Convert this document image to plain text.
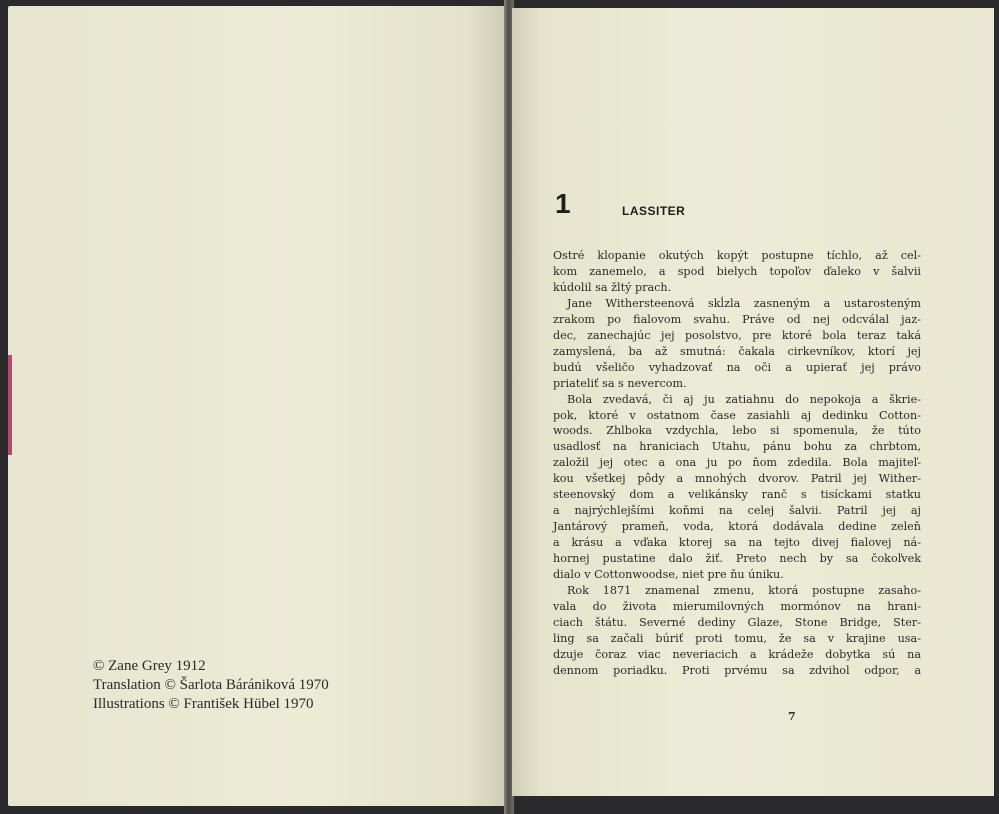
© Zane Grey 1912
Translation © Šarlota Bárániková 1970
Illustrations © František Hübel 1970
1	LASSITER
Ostré klopanie okutých kopýt postupne tíchlo, až cel-
kom zanemelo, a spod bielych topoľov ďaleko v šalvii
kúdolil sa žltý prach.
Jane Withersteenová skĺzla zasneným a ustarosteným
zrakom po fialovom svahu. Práve od nej odcválal jaz-
dec, zanechajúc jej posolstvo, pre ktoré bola teraz taká
zamyslená, ba až smutná: čakala cirkevníkov, ktorí jej
budú všeličo vyhadzovať na oči a upierať jej právo
priateliť sa s nevercom.
Bola zvedavá, či aj ju zatiahnu do nepokoja a škrie-
pok, ktoré v ostatnom čase zasiahli aj dedinku Cotton-
woods. Zhlboka vzdychla, lebo si spomenula, že túto
usadlosť na hraniciach Utahu, pánu bohu za chrbtom,
založil jej otec a ona ju po ňom zdedila. Bola majiteľ-
kou všetkej pôdy a mnohých dvorov. Patril jej Wither-
steenovský dom a velikánsky ranč s tisíckami statku
a najrýchlejšími koňmi na celej šalvii. Patril jej aj
Jantárový prameň, voda, ktorá dodávala dedine zeleň
a krásu a vďaka ktorej sa na tejto divej fialovej ná-
hornej pustatine dalo žiť. Preto nech by sa čokoľvek
dialo v Cottonwoodse, niet pre ňu úniku.
Rok 1871 znamenal zmenu, ktorá postupne zasaho-
vala do života mierumilovných mormónov na hrani-
ciach štátu. Severné dediny Glaze, Stone Bridge, Ster-
ling sa začali búriť proti tomu, že sa v krajine usa-
dzuje čoraz viac neveriacich a krádeže dobytka sú na
dennom poriadku. Proti prvému sa zdvihol odpor, a
7
